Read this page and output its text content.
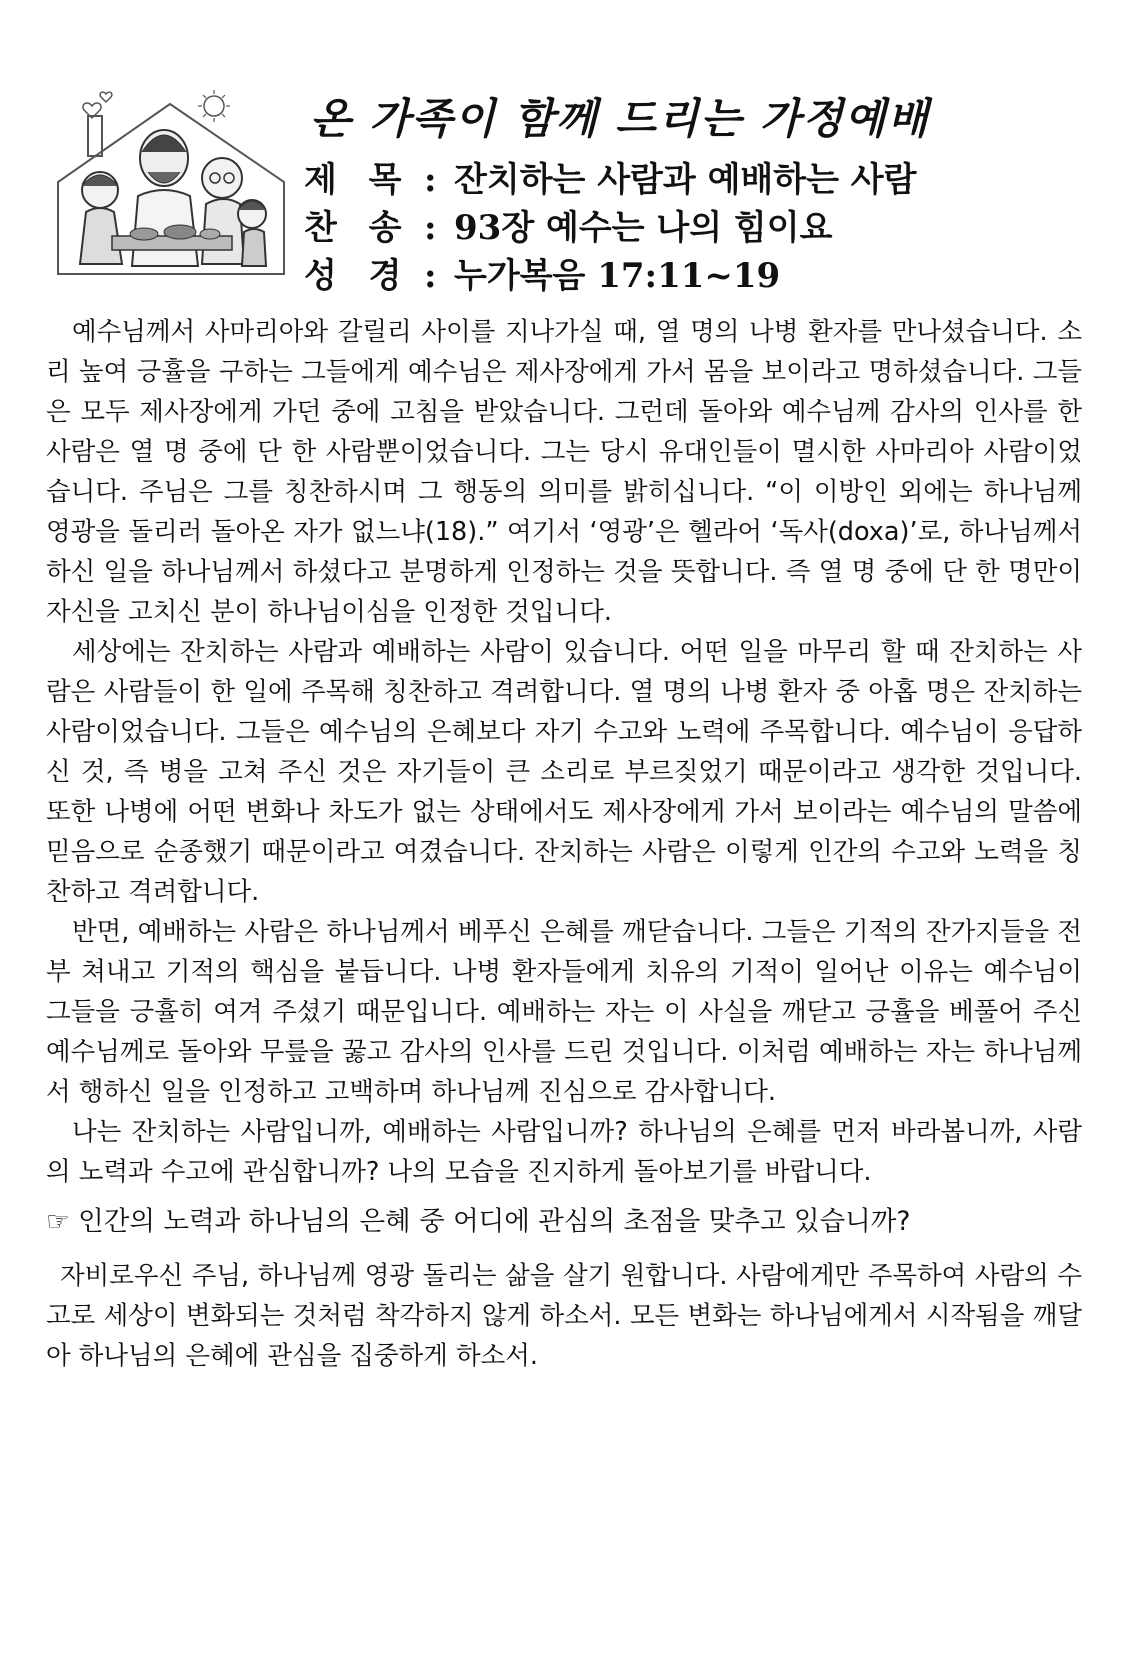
온 가족이 함께 드리는 가정예배
제 목 : 잔치하는 사람과 예배하는 사람
찬 송 : 93장 예수는 나의 힘이요
성 경 : 누가복음 17:11~19

예수님께서 사마리아와 갈릴리 사이를 지나가실 때, 열 명의 나병 환자를 만나셨습니다. 소리 높여 긍휼을 구하는 그들에게 예수님은 제사장에게 가서 몸을 보이라고 명하셨습니다. 그들은 모두 제사장에게 가던 중에 고침을 받았습니다. 그런데 돌아와 예수님께 감사의 인사를 한 사람은 열 명 중에 단 한 사람뿐이었습니다. 그는 당시 유대인들이 멸시한 사마리아 사람이었습니다. 주님은 그를 칭찬하시며 그 행동의 의미를 밝히십니다. “이 이방인 외에는 하나님께 영광을 돌리러 돌아온 자가 없느냐(18).” 여기서 ‘영광’은 헬라어 ‘독사(doxa)’로, 하나님께서 하신 일을 하나님께서 하셨다고 분명하게 인정하는 것을 뜻합니다. 즉 열 명 중에 단 한 명만이 자신을 고치신 분이 하나님이심을 인정한 것입니다.

세상에는 잔치하는 사람과 예배하는 사람이 있습니다. 어떤 일을 마무리 할 때 잔치하는 사람은 사람들이 한 일에 주목해 칭찬하고 격려합니다. 열 명의 나병 환자 중 아홉 명은 잔치하는 사람이었습니다. 그들은 예수님의 은혜보다 자기 수고와 노력에 주목합니다. 예수님이 응답하신 것, 즉 병을 고쳐 주신 것은 자기들이 큰 소리로 부르짖었기 때문이라고 생각한 것입니다. 또한 나병에 어떤 변화나 차도가 없는 상태에서도 제사장에게 가서 보이라는 예수님의 말씀에 믿음으로 순종했기 때문이라고 여겼습니다. 잔치하는 사람은 이렇게 인간의 수고와 노력을 칭찬하고 격려합니다.

반면, 예배하는 사람은 하나님께서 베푸신 은혜를 깨닫습니다. 그들은 기적의 잔가지들을 전부 쳐내고 기적의 핵심을 붙듭니다. 나병 환자들에게 치유의 기적이 일어난 이유는 예수님이 그들을 긍휼히 여겨 주셨기 때문입니다. 예배하는 자는 이 사실을 깨닫고 긍휼을 베풀어 주신 예수님께로 돌아와 무릎을 꿇고 감사의 인사를 드린 것입니다. 이처럼 예배하는 자는 하나님께서 행하신 일을 인정하고 고백하며 하나님께 진심으로 감사합니다.

나는 잔치하는 사람입니까, 예배하는 사람입니까? 하나님의 은혜를 먼저 바라봅니까, 사람의 노력과 수고에 관심합니까? 나의 모습을 진지하게 돌아보기를 바랍니다.

☞ 인간의 노력과 하나님의 은혜 중 어디에 관심의 초점을 맞추고 있습니까?

자비로우신 주님, 하나님께 영광 돌리는 삶을 살기 원합니다. 사람에게만 주목하여 사람의 수고로 세상이 변화되는 것처럼 착각하지 않게 하소서. 모든 변화는 하나님에게서 시작됨을 깨달아 하나님의 은혜에 관심을 집중하게 하소서.
